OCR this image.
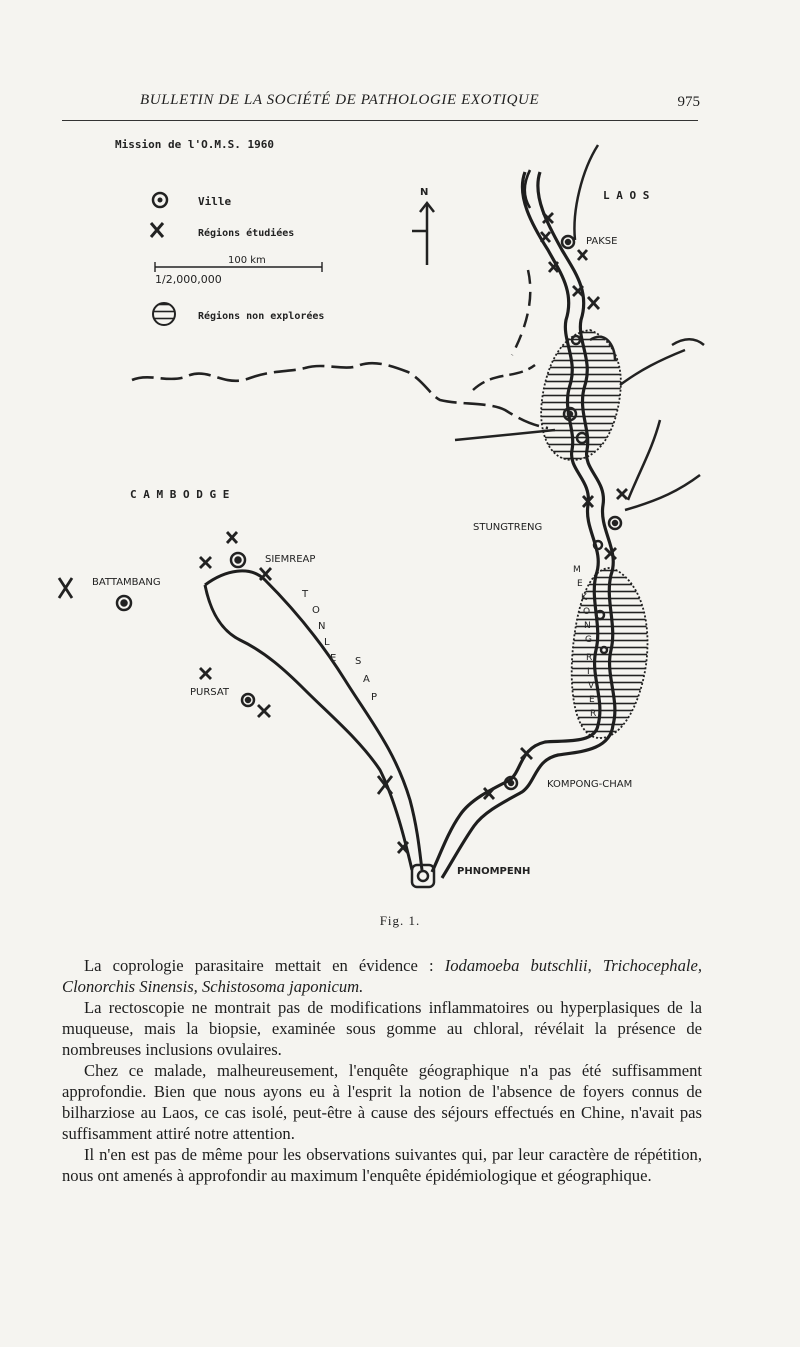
BULLETIN DE LA SOCIÉTÉ DE PATHOLOGIE EXOTIQUE	975
Mission de l'O.M.S. 1960
Ville
Régions étudiées
100 km
1/2,000,000
Régions non explorées
N	L A O S
C A M B O D G E
T
O
N
L
E S
A
P
M
E
K
O
N
G
R
I
V
E
R
PAKSE
STUNGTRENG
SIEMREAP
BATTAMBANG
PURSAT
KOMPONG-CHAM
PHNOMPENH
Fig. 1.

La coprologie parasitaire mettait en évidence : Iodamoeba butschlii, Trichocephale, Clonorchis Sinensis, Schistosoma japonicum.

La rectoscopie ne montrait pas de modifications inflammatoires ou hyperplasiques de la muqueuse, mais la biopsie, examinée sous gomme au chloral, révélait la présence de nombreuses inclusions ovulaires.

Chez ce malade, malheureusement, l'enquête géographique n'a pas été suffisamment approfondie. Bien que nous ayons eu à l'esprit la notion de l'absence de foyers connus de bilharziose au Laos, ce cas isolé, peut-être à cause des séjours effectués en Chine, n'avait pas suffisamment attiré notre attention.

Il n'en est pas de même pour les observations suivantes qui, par leur caractère de répétition, nous ont amenés à approfondir au maximum l'enquête épidémiologique et géographique.
